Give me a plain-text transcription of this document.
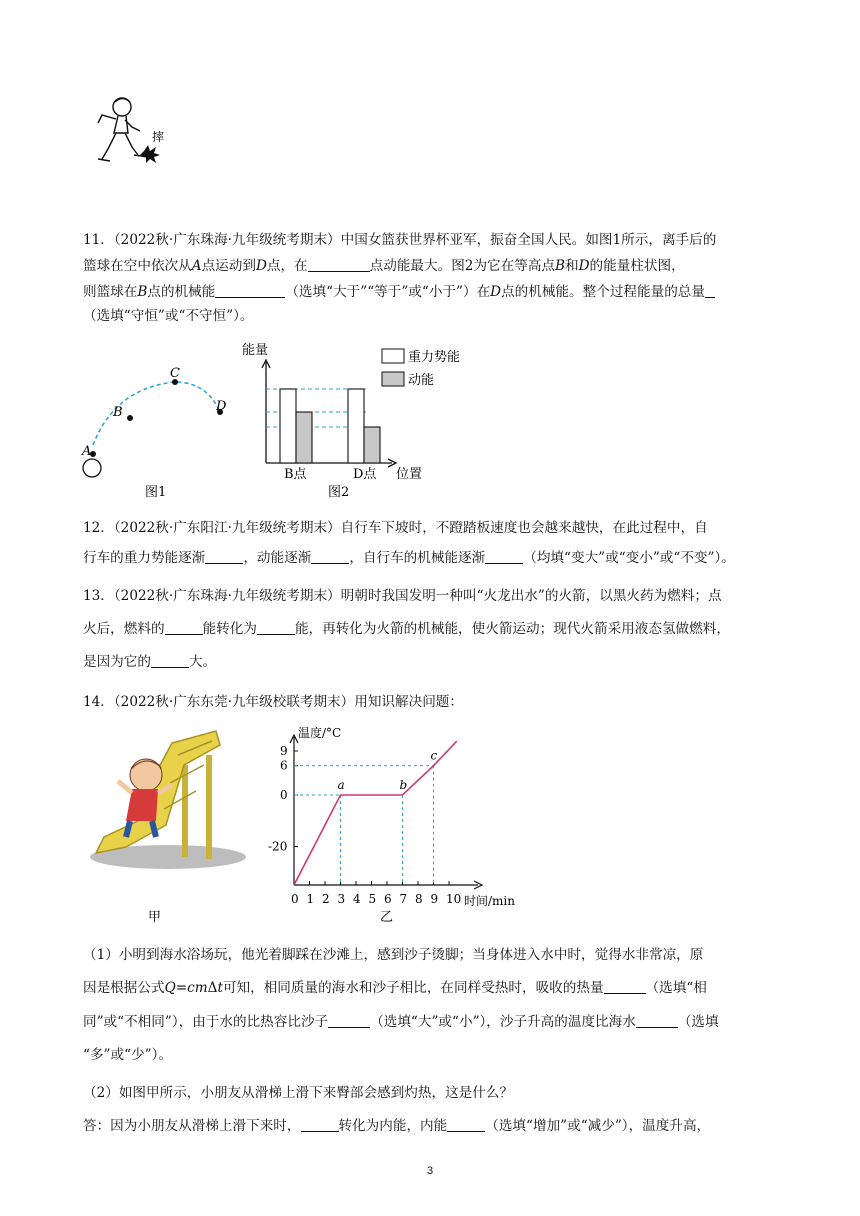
摔
11．（2022秋·广东珠海·九年级统考期末）中国女篮获世界杯亚军，振奋全国人民。如图1所示，离手后的
篮球在空中依次从A点运动到D点，在	点动能最大。图2为它在等高点B和D的能量柱状图，
则篮球在B点的机械能	（选填“大于”“等于”或“小于”）在D点的机械能。整个过程能量的总量
（选填“守恒”或“不守恒”）。
A
B
C
D
图1
能量
B点	D点 位置
重力势能
动能
图2
12．（2022秋·广东阳江·九年级统考期末）自行车下坡时，不蹬踏板速度也会越来越快，在此过程中，自
行车的重力势能逐渐	，动能逐渐	，自行车的机械能逐渐	（均填“变大”或“变小”或“不变”）。
13．（2022秋·广东珠海·九年级统考期末）明朝时我国发明一种叫“火龙出水”的火箭，以黑火药为燃料；点
火后，燃料的	能转化为	能，再转化为火箭的机械能，使火箭运动；现代火箭采用液态氢做燃料，
是因为它的	大。
14．（2022秋·广东东莞·九年级校联考期末）用知识解决问题：
甲
温度/°C
0 1 2 3 4 5 6 7 8 9 10
9
6
0
-20
a	b
c
时间/min
乙
（1）小明到海水浴场玩，他光着脚踩在沙滩上，感到沙子烫脚；当身体进入水中时，觉得水非常凉，原
因是根据公式Q=cmΔt可知，相同质量的海水和沙子相比，在同样受热时，吸收的热量	（选填“相
同”或“不相同”），由于水的比热容比沙子	（选填“大”或“小”），沙子升高的温度比海水	（选填
“多”或“少”）。
（2）如图甲所示，小朋友从滑梯上滑下来臀部会感到灼热，这是什么？
答：因为小朋友从滑梯上滑下来时，	转化为内能，内能	（选填“增加”或“减少”），温度升高，
3
